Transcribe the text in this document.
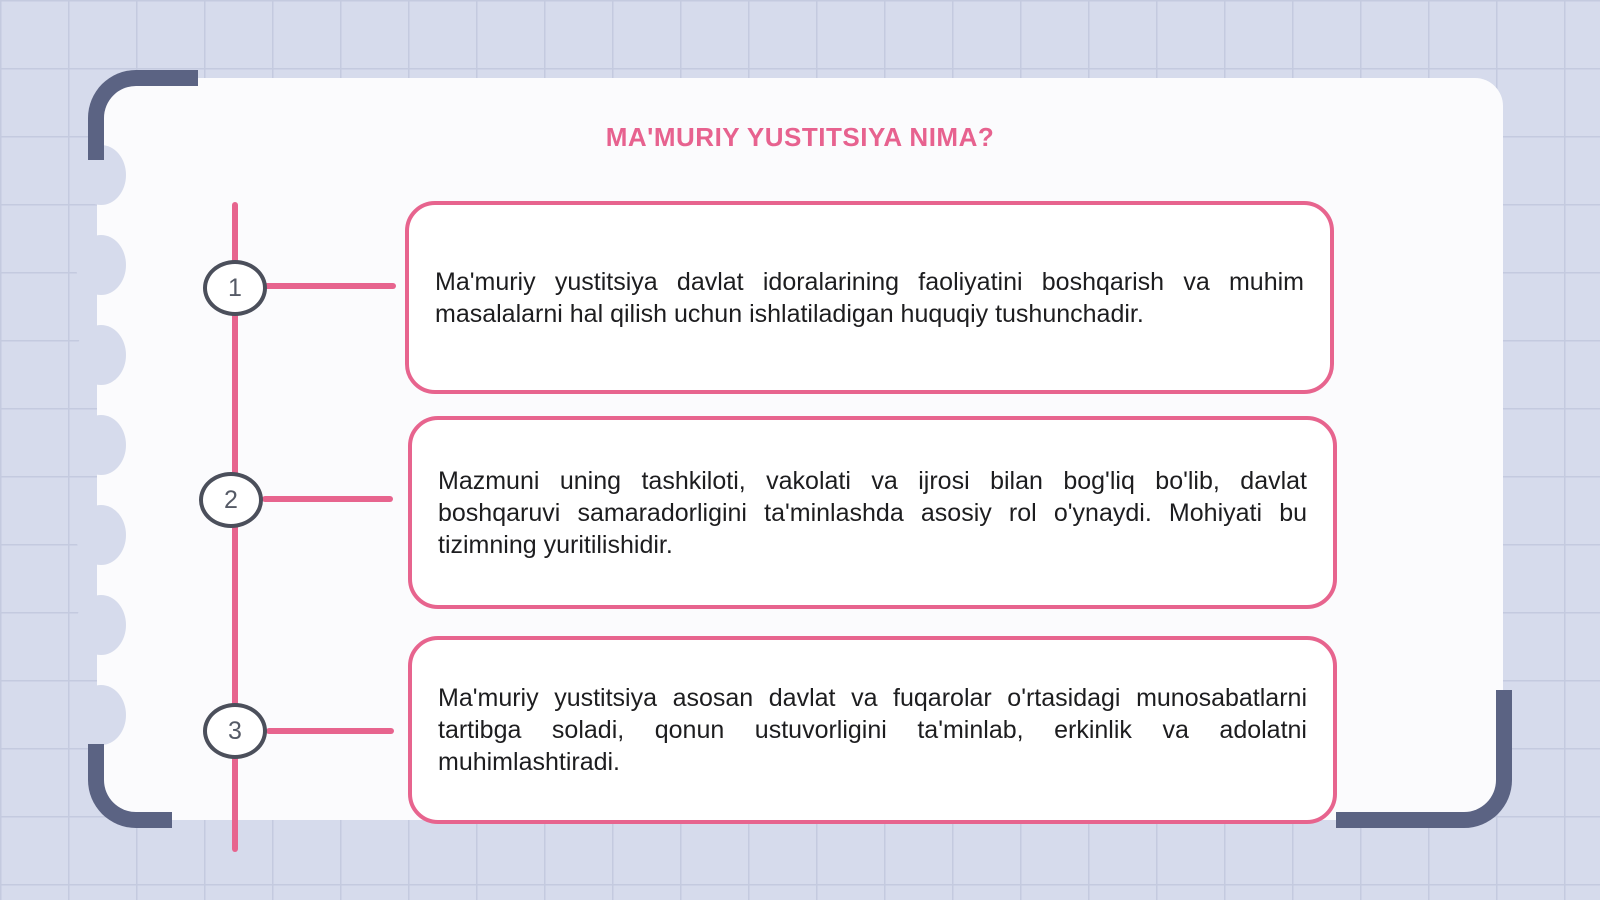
MA'MURIY YUSTITSIYA NIMA?
1
2
3

Ma'muriy yustitsiya davlat idoralarining faoliyatini boshqarish va muhim masalalarni hal qilish uchun ishlatiladigan huquqiy tushunchadir.

Mazmuni uning tashkiloti, vakolati va ijrosi bilan bog'liq bo'lib, davlat boshqaruvi samaradorligini ta'minlashda asosiy rol o'ynaydi. Mohiyati bu tizimning yuritilishidir.

Ma'muriy yustitsiya asosan davlat va fuqarolar o'rtasidagi munosabatlarni tartibga soladi, qonun ustuvorligini ta'minlab, erkinlik va adolatni muhimlashtiradi.
